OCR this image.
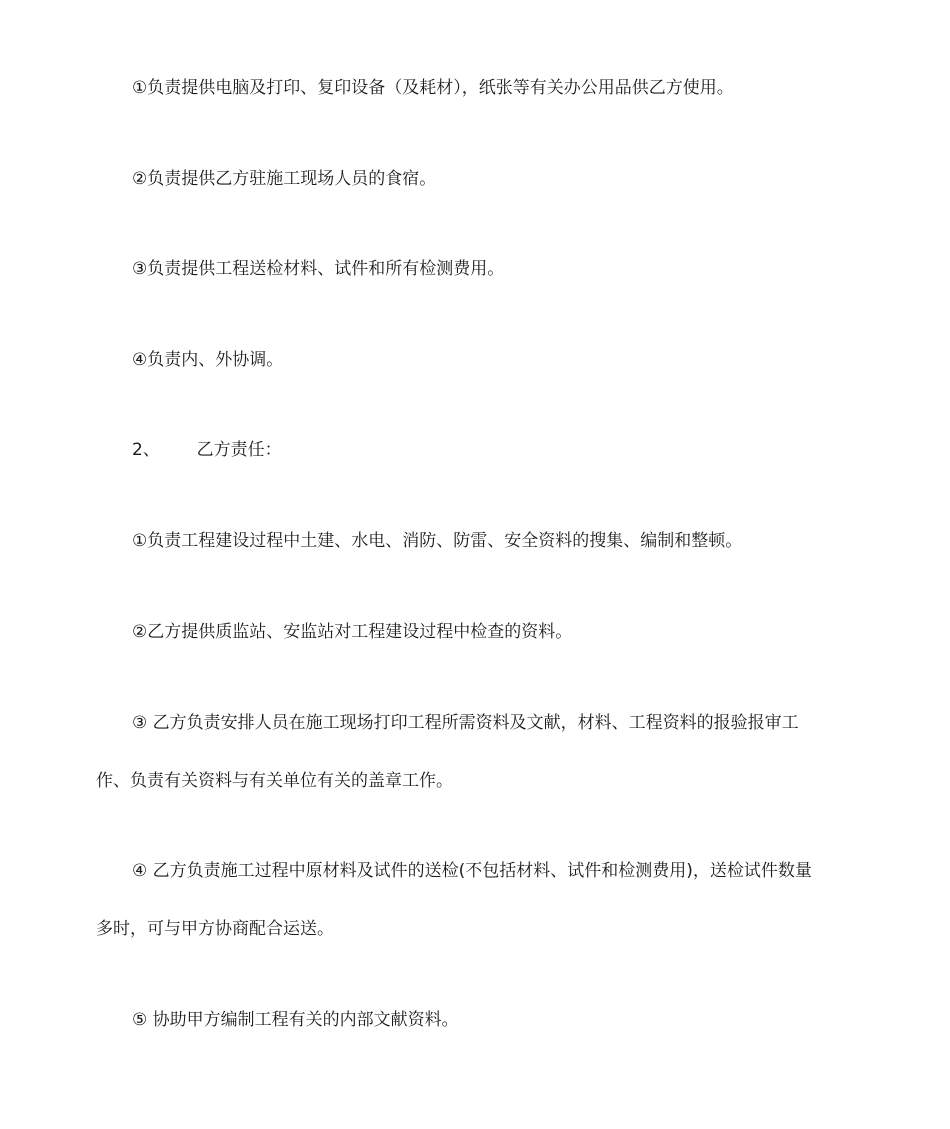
①负责提供电脑及打印、复印设备（及耗材），纸张等有关办公用品供乙方使用。
②负责提供乙方驻施工现场人员的食宿。
③负责提供工程送检材料、试件和所有检测费用。
④负责内、外协调。
2、 乙方责任：
①负责工程建设过程中土建、水电、消防、防雷、安全资料的搜集、编制和整顿。
②乙方提供质监站、安监站对工程建设过程中检查的资料。
③ 乙方负责安排人员在施工现场打印工程所需资料及文献，材料、工程资料的报验报审工
作、负责有关资料与有关单位有关的盖章工作。
④ 乙方负责施工过程中原材料及试件的送检(不包括材料、试件和检测费用)，送检试件数量
多时，可与甲方协商配合运送。
⑤ 协助甲方编制工程有关的内部文献资料。
